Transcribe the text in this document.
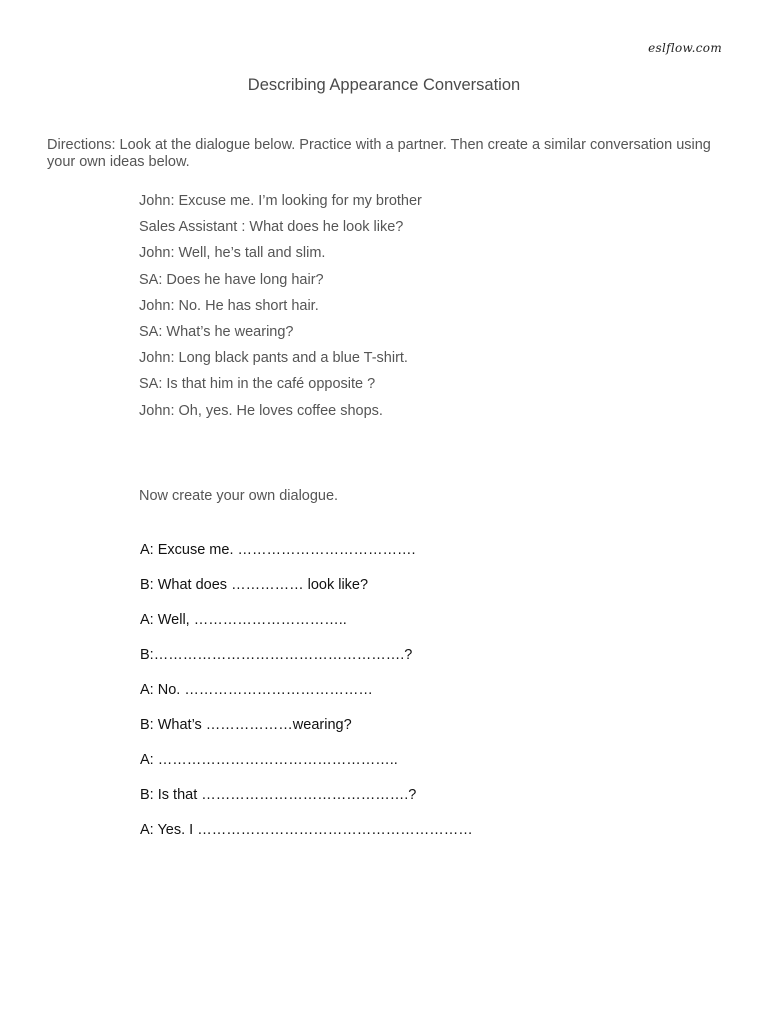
eslflow.com
Describing Appearance Conversation
Directions: Look at the dialogue below. Practice with a partner. Then create a similar conversation using your own ideas below.
John: Excuse me. I’m looking for my brother
Sales Assistant : What does he look like?
John: Well, he’s tall and slim.
SA: Does he have long hair?
John: No. He has short hair.
SA: What’s he wearing?
John: Long black pants and a blue T-shirt.
SA: Is that him in the café opposite ?
John: Oh, yes. He loves coffee shops.
Now create your own dialogue.
A: Excuse me. ……………………………….
B: What does …………… look like?
A: Well, …………………………..
B:…………………………………………….?
A: No. …………………………………
B: What’s ………………wearing?
A: …………………………………………..
B: Is that …………………………………….?
A: Yes. I …………………………………………………
